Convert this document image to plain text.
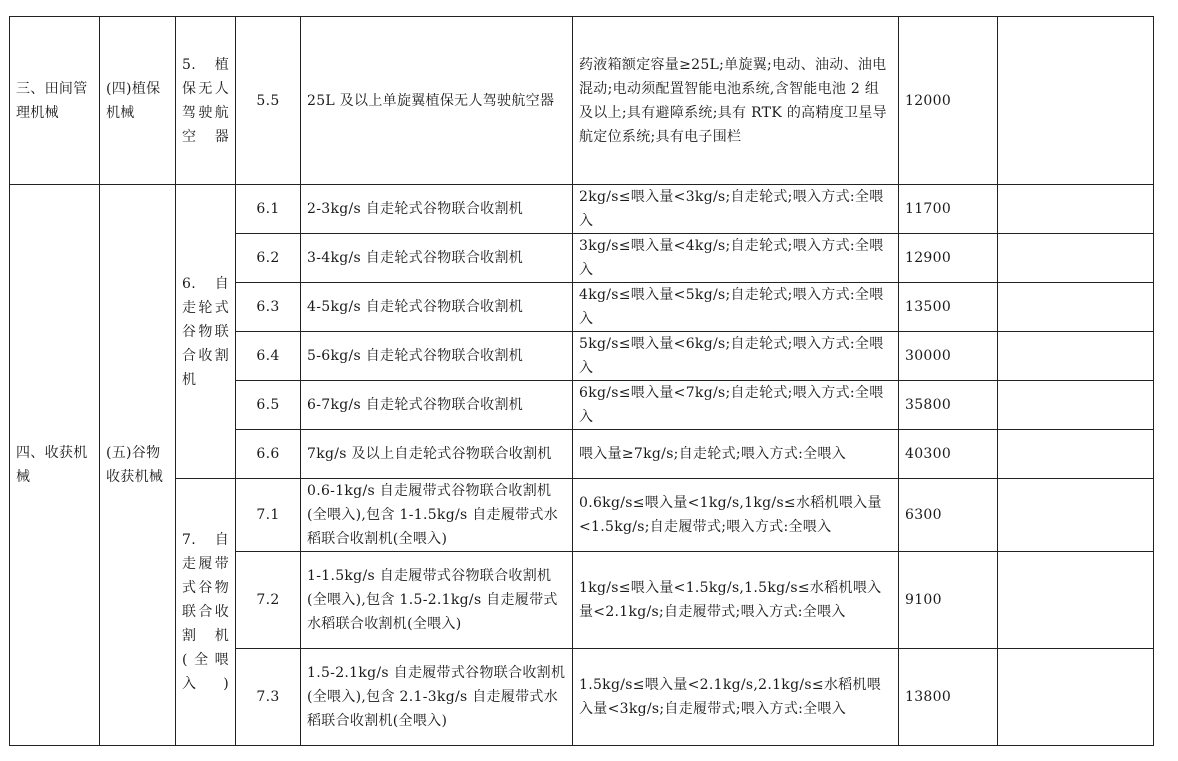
三、田间管理机械	(四)植保机械	5. 植保无人驾驶航空器	5.5	25L 及以上单旋翼植保无人驾驶航空器	药液箱额定容量≥25L;单旋翼;电动、油动、油电混动;电动须配置智能电池系统,含智能电池 2 组及以上;具有避障系统;具有 RTK 的高精度卫星导航定位系统;具有电子围栏	12000	
四、收获机械	(五)谷物收获机械	6. 自走轮式谷物联合收割机	6.1	2-3kg/s 自走轮式谷物联合收割机	2kg/s≤喂入量<3kg/s;自走轮式;喂入方式:全喂入	11700	
			6.2	3-4kg/s 自走轮式谷物联合收割机	3kg/s≤喂入量<4kg/s;自走轮式;喂入方式:全喂入	12900	
			6.3	4-5kg/s 自走轮式谷物联合收割机	4kg/s≤喂入量<5kg/s;自走轮式;喂入方式:全喂入	13500	
			6.4	5-6kg/s 自走轮式谷物联合收割机	5kg/s≤喂入量<6kg/s;自走轮式;喂入方式:全喂入	30000	
			6.5	6-7kg/s 自走轮式谷物联合收割机	6kg/s≤喂入量<7kg/s;自走轮式;喂入方式:全喂入	35800	
			6.6	7kg/s 及以上自走轮式谷物联合收割机	喂入量≥7kg/s;自走轮式;喂入方式:全喂入	40300	
		7. 自走履带式谷物联合收割机(全喂入)	7.1	0.6-1kg/s 自走履带式谷物联合收割机(全喂入),包含 1-1.5kg/s 自走履带式水稻联合收割机(全喂入)	0.6kg/s≤喂入量<1kg/s,1kg/s≤水稻机喂入量<1.5kg/s;自走履带式;喂入方式:全喂入	6300	
			7.2	1-1.5kg/s 自走履带式谷物联合收割机(全喂入),包含 1.5-2.1kg/s 自走履带式水稻联合收割机(全喂入)	1kg/s≤喂入量<1.5kg/s,1.5kg/s≤水稻机喂入量<2.1kg/s;自走履带式;喂入方式:全喂入	9100	
			7.3	1.5-2.1kg/s 自走履带式谷物联合收割机(全喂入),包含 2.1-3kg/s 自走履带式水稻联合收割机(全喂入)	1.5kg/s≤喂入量<2.1kg/s,2.1kg/s≤水稻机喂入量<3kg/s;自走履带式;喂入方式:全喂入	13800	
